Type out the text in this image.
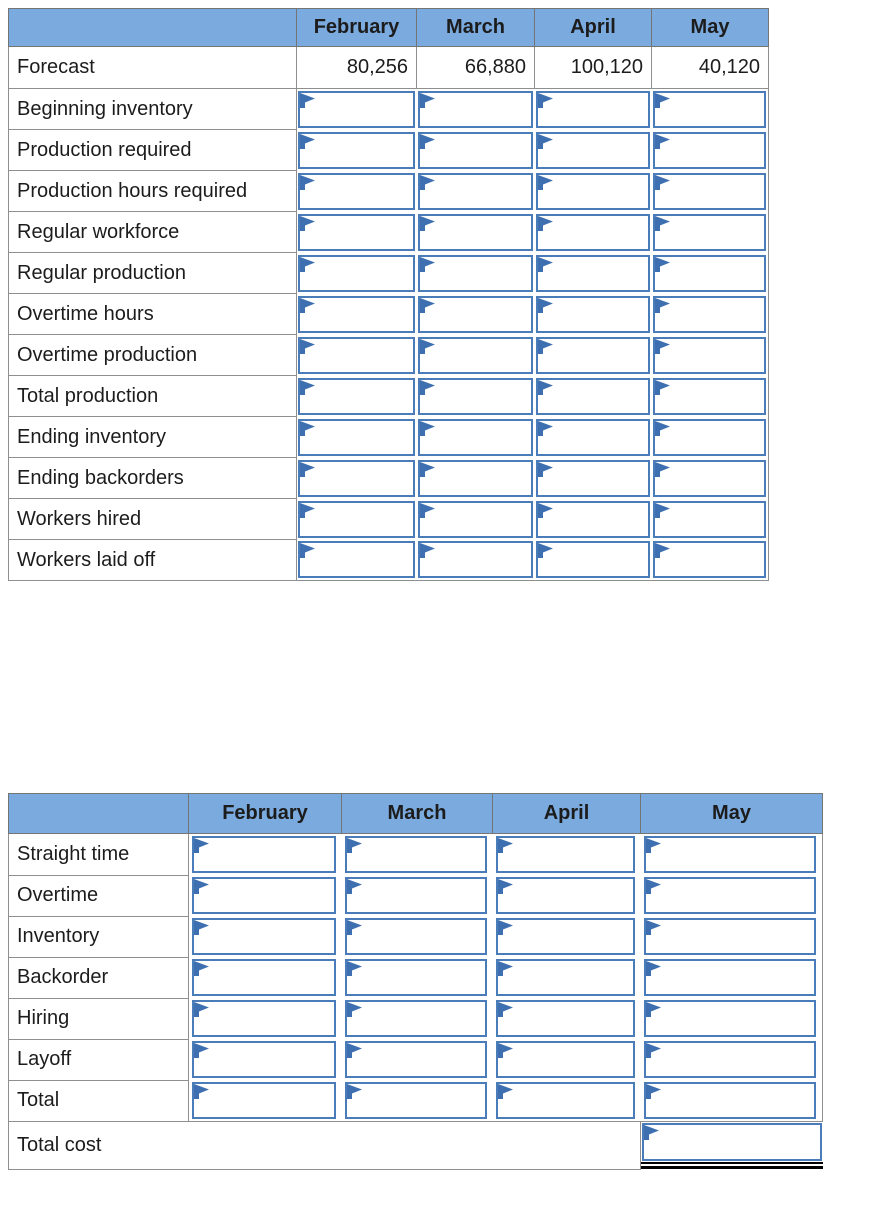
	February	March	April	May
Forecast	80,256	66,880	100,120	40,120
Beginning inventory	

Production required	

Production hours required	

Regular workforce	

Regular production	

Overtime hours	

Overtime production	

Total production	

Ending inventory	

Ending backorders	

Workers hired	

Workers laid off	

	February	March	April	May
Straight time	

Overtime	

Inventory	

Backorder	

Hiring	

Layoff	

Total	

Total cost	
